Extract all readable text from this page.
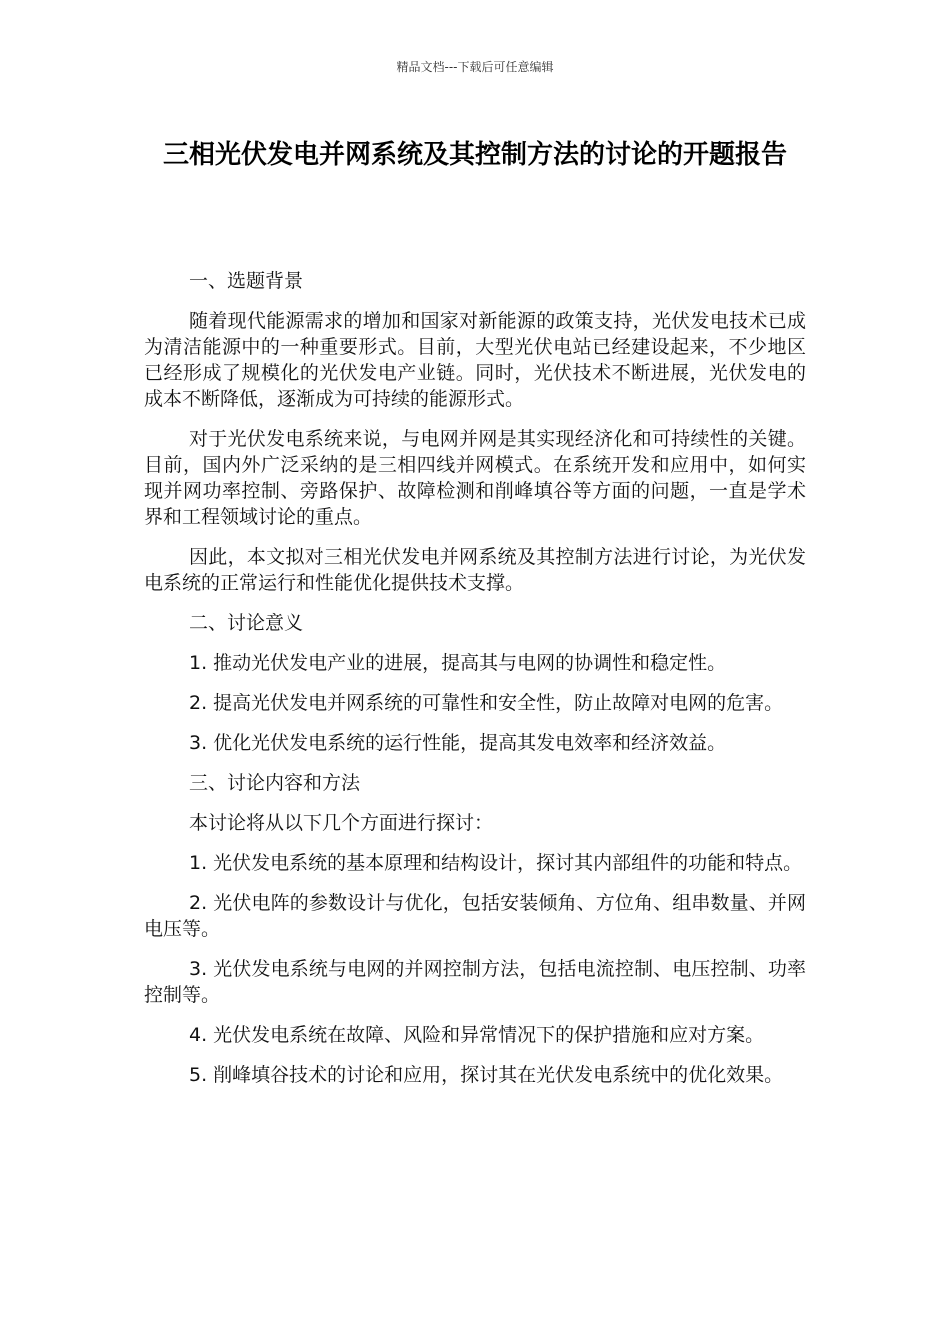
精品文档---下载后可任意编辑
三相光伏发电并网系统及其控制方法的讨论的开题报告

一、选题背景

随着现代能源需求的增加和国家对新能源的政策支持，光伏发电技术已成为清洁能源中的一种重要形式。目前，大型光伏电站已经建设起来，不少地区已经形成了规模化的光伏发电产业链。同时，光伏技术不断进展，光伏发电的成本不断降低，逐渐成为可持续的能源形式。

对于光伏发电系统来说，与电网并网是其实现经济化和可持续性的关键。目前，国内外广泛采纳的是三相四线并网模式。在系统开发和应用中，如何实现并网功率控制、旁路保护、故障检测和削峰填谷等方面的问题，一直是学术界和工程领域讨论的重点。

因此，本文拟对三相光伏发电并网系统及其控制方法进行讨论，为光伏发电系统的正常运行和性能优化提供技术支撑。

二、讨论意义

1. 推动光伏发电产业的进展，提高其与电网的协调性和稳定性。

2. 提高光伏发电并网系统的可靠性和安全性，防止故障对电网的危害。

3. 优化光伏发电系统的运行性能，提高其发电效率和经济效益。

三、讨论内容和方法

本讨论将从以下几个方面进行探讨：

1. 光伏发电系统的基本原理和结构设计，探讨其内部组件的功能和特点。

2. 光伏电阵的参数设计与优化，包括安装倾角、方位角、组串数量、并网电压等。

3. 光伏发电系统与电网的并网控制方法，包括电流控制、电压控制、功率控制等。

4. 光伏发电系统在故障、风险和异常情况下的保护措施和应对方案。

5. 削峰填谷技术的讨论和应用，探讨其在光伏发电系统中的优化效果。
